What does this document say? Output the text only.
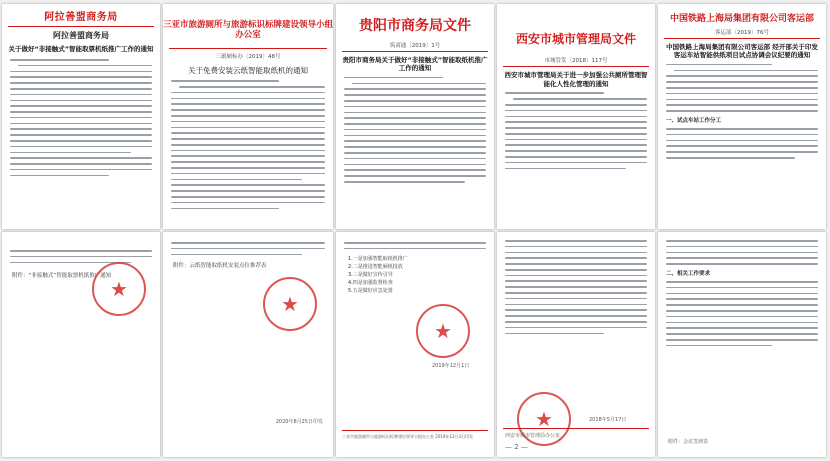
阿拉善盟商务局
阿拉善盟商务局
关于做好“非接触式”智能取票机纸推广工作的通知
附件：“非接触式”智能取票机纸推广通知
★
三亚市旅游厕所与旅游标识标牌建设领导小组办公室
三旅厕标办〔2019〕48号
关于免费安装云纸智能取纸机的通知
附件：云纸智能取纸机安装点位推荐表
★
2020年8月25日印发
贵阳市商务局文件
筑商通〔2019〕1号
贵阳市商务局关于做好“非接触式”智能取纸机推广工作的通知
1.一是加强智能取纸机推广
2.二是推进智能厕纸投放
3.三是做好宣传引导
4.四是加强监督检查
5.五是做好应急处置
★
2019年12月1日
三亚市旅游厕所与旅游标识标牌建设领导小组办公室 2019年12月3日印发
西安市城市管理局文件
市城管发〔2018〕117号
西安市城市管理局关于进一步加强公共厕所管理智能化人性化管理的通知
★	2018年5月17日
西安市城市管理局办公室
— 2 —
中国铁路上海局集团有限公司客运部
客运部〔2019〕76号
中国铁路上海局集团有限公司客运部 经开部关于印发客运车站智能供纸项目试点协调会议纪要的通知
一、试点车站工作分工
二、相关工作要求
附件：会议签到表
